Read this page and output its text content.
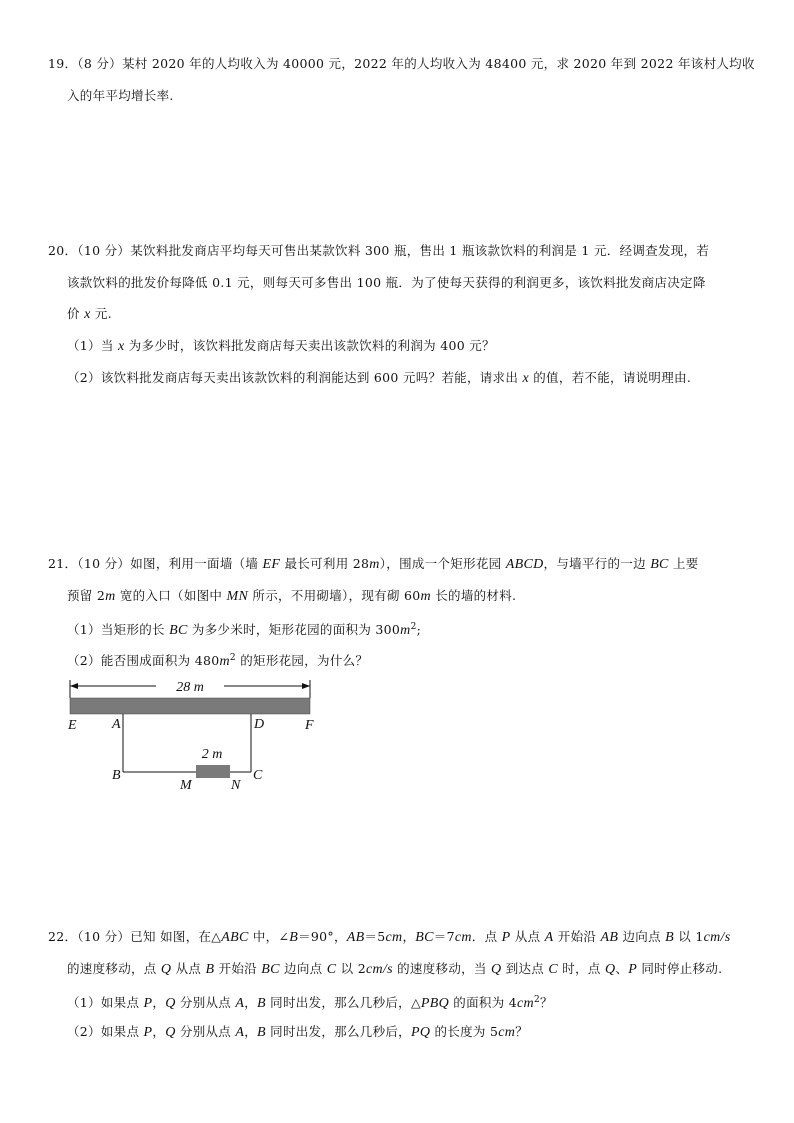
19．（8 分）某村 2020 年的人均收入为 40000 元，2022 年的人均收入为 48400 元，求 2020 年到 2022 年该村人均收
入的年平均增长率.
20．（10 分）某饮料批发商店平均每天可售出某款饮料 300 瓶，售出 1 瓶该款饮料的利润是 1 元．经调查发现，若
该款饮料的批发价每降低 0.1 元，则每天可多售出 100 瓶．为了使每天获得的利润更多，该饮料批发商店决定降
价 x 元.
（1）当 x 为多少时，该饮料批发商店每天卖出该款饮料的利润为 400 元？
（2）该饮料批发商店每天卖出该款饮料的利润能达到 600 元吗？若能，请求出 x 的值，若不能，请说明理由.
21．（10 分）如图，利用一面墙（墙 EF 最长可利用 28m），围成一个矩形花园 ABCD，与墙平行的一边 BC 上要
预留 2m 宽的入口（如图中 MN 所示，不用砌墙），现有砌 60m 长的墙的材料.
（1）当矩形的长 BC 为多少米时，矩形花园的面积为 $300m^2$;
（2）能否围成面积为 $480m^2$ 的矩形花园，为什么？
28 m
2 m
E	A	D	F
B
M	N
C
22．（10 分）已知 如图，在△ABC 中，∠B＝90°，AB＝5cm，BC＝7cm．点 P 从点 A 开始沿 AB 边向点 B 以 1cm/s
的速度移动，点 Q 从点 B 开始沿 BC 边向点 C 以 2cm/s 的速度移动，当 Q 到达点 C 时，点 Q、P 同时停止移动.
（1）如果点 P，Q 分别从点 A，B 同时出发，那么几秒后，△PBQ 的面积为 $4cm^2$？
（2）如果点 P，Q 分别从点 A，B 同时出发，那么几秒后，PQ 的长度为 5cm？
